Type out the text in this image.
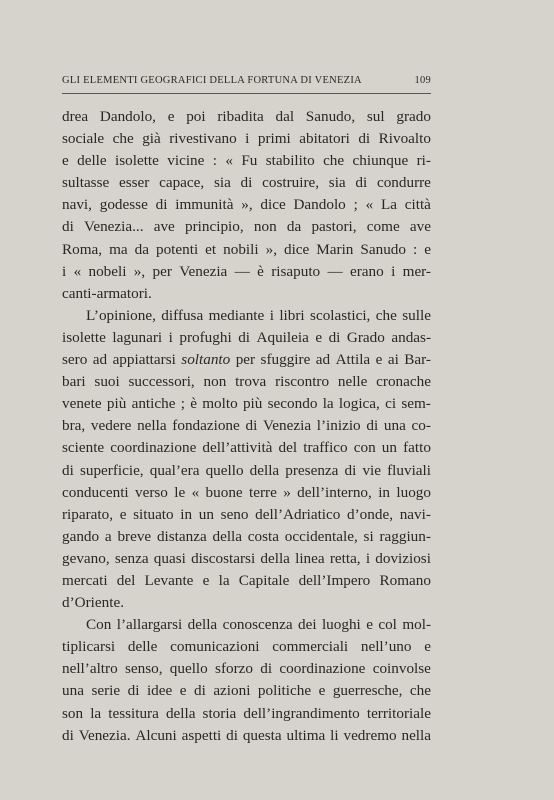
GLI ELEMENTI GEOGRAFICI DELLA FORTUNA DI VENEZIA	109
drea Dandolo, e poi ribadita dal Sanudo, sul grado
sociale che già rivestivano i primi abitatori di Rivoalto
e delle isolette vicine : « Fu stabilito che chiunque ri-
sultasse esser capace, sia di costruire, sia di condurre
navi, godesse di immunità », dice Dandolo ; « La città
di Venezia... ave principio, non da pastori, come ave
Roma, ma da potenti et nobili », dice Marin Sanudo : e
i « nobeli », per Venezia — è risaputo — erano i mer-
canti-armatori.
L’opinione, diffusa mediante i libri scolastici, che sulle
isolette lagunari i profughi di Aquileia e di Grado andas-
sero ad appiattarsi soltanto per sfuggire ad Attila e ai Bar-
bari suoi successori, non trova riscontro nelle cronache
venete più antiche ; è molto più secondo la logica, ci sem-
bra, vedere nella fondazione di Venezia l’inizio di una co-
sciente coordinazione dell’attività del traffico con un fatto
di superficie, qual’era quello della presenza di vie fluviali
conducenti verso le « buone terre » dell’interno, in luogo
riparato, e situato in un seno dell’Adriatico d’onde, navi-
gando a breve distanza della costa occidentale, si raggiun-
gevano, senza quasi discostarsi della linea retta, i doviziosi
mercati del Levante e la Capitale dell’Impero Romano
d’Oriente.
Con l’allargarsi della conoscenza dei luoghi e col mol-
tiplicarsi delle comunicazioni commerciali nell’uno e
nell’altro senso, quello sforzo di coordinazione coinvolse
una serie di idee e di azioni politiche e guerresche, che
son la tessitura della storia dell’ingrandimento territoriale
di Venezia. Alcuni aspetti di questa ultima li vedremo nella
